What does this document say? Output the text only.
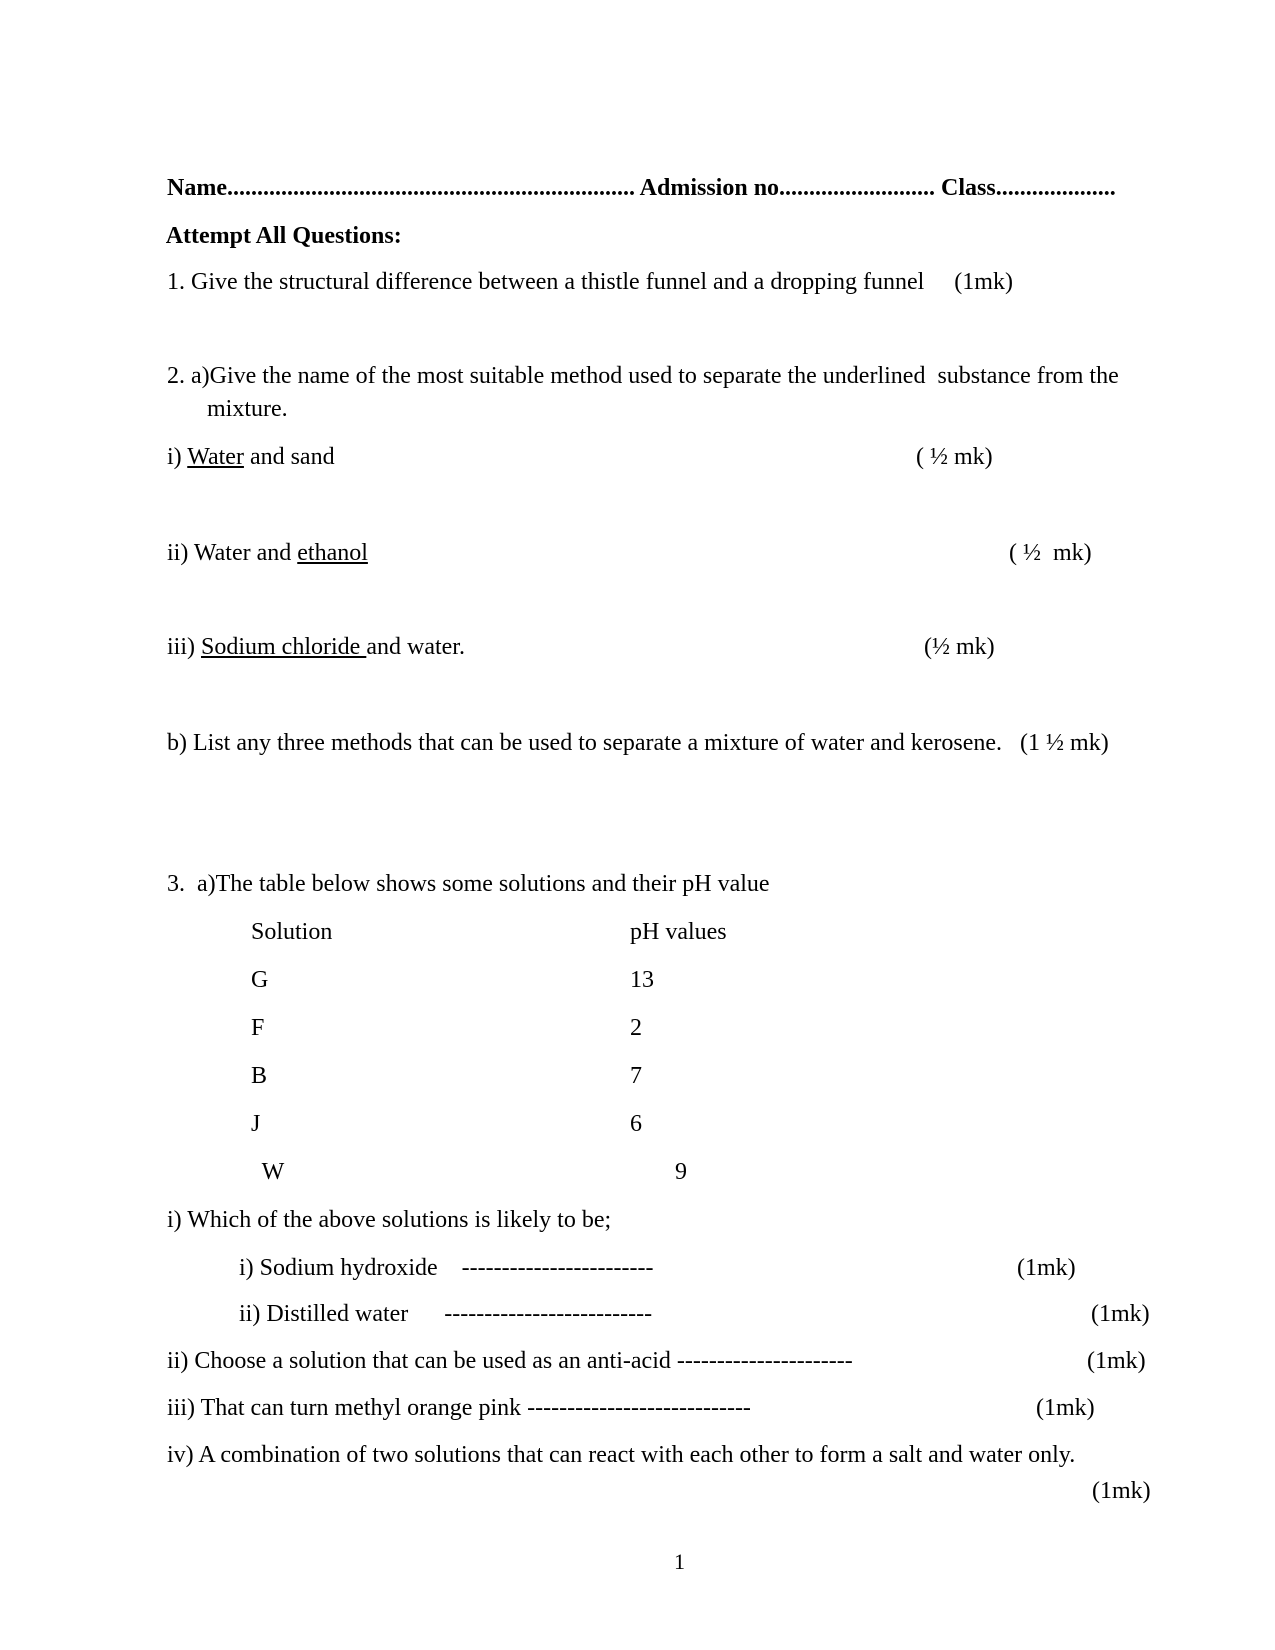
Name.................................................................... Admission no.......................... Class....................

Attempt All Questions:

1. Give the structural difference between a thistle funnel and a dropping funnel     (1mk)

2. a)Give the name of the most suitable method used to separate the underlined  substance from the

mixture.

i) Water and sand
	( ½ mk)

ii) Water and ethanol
	( ½  mk)

iii) Sodium chloride and water.
	(½ mk)

b) List any three methods that can be used to separate a mixture of water and kerosene.   (1 ½ mk)

3.  a)The table below shows some solutions and their pH value

Solution
	pH values

G
	13

F
	2

B
	7

J
	6

W
	9

i) Which of the above solutions is likely to be;

i) Sodium hydroxide    ------------------------
	(1mk)

ii) Distilled water      --------------------------
	(1mk)

ii) Choose a solution that can be used as an anti-acid ----------------------
	(1mk)

iii) That can turn methyl orange pink ----------------------------
	(1mk)

iv) A combination of two solutions that can react with each other to form a salt and water only.

(1mk)

1
